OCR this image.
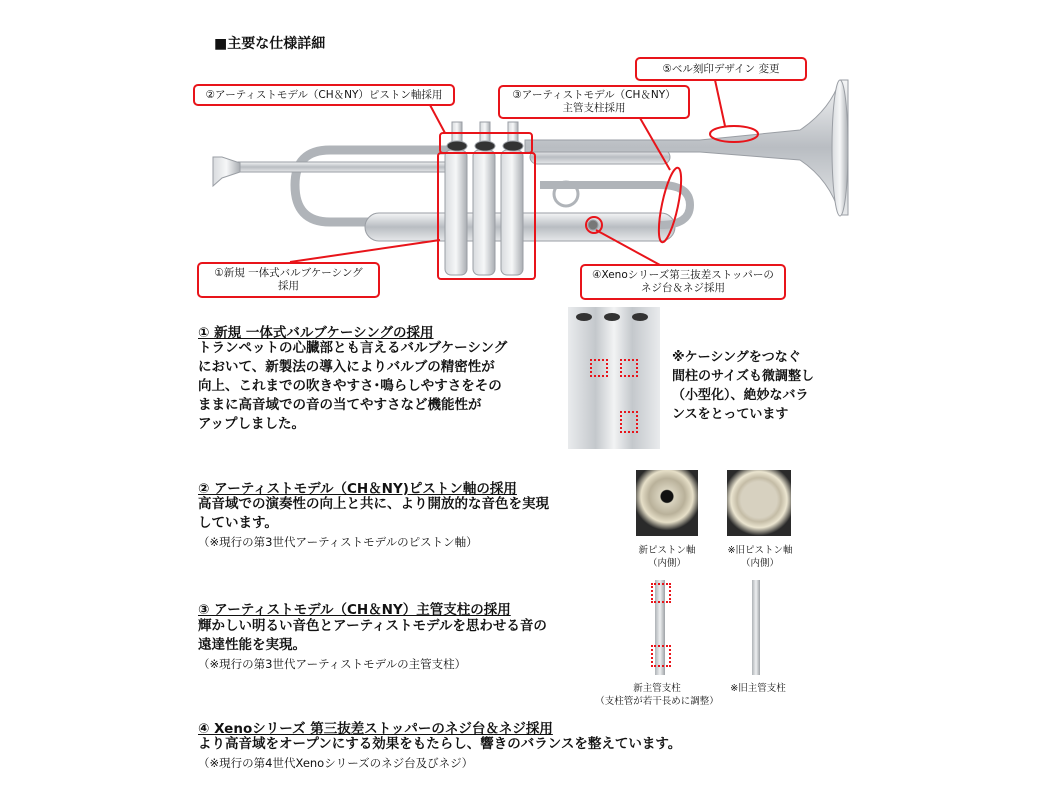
■主要な仕様詳細
②アーティストモデル（CH＆NY）ピストン軸採用	③アーティストモデル（CH＆NY）
主管支柱採用
⑤ベル刻印デザイン 変更
①新規 一体式バルブケーシング
採用
④Xenoシリーズ第三抜差ストッパーの
ネジ台＆ネジ採用
① 新規 一体式バルブケーシングの採用
トランペットの心臓部とも言えるバルブケーシング
において、新製法の導入によりバルブの精密性が
向上、これまでの吹きやすさ･鳴らしやすさをその
ままに高音域での音の当てやすさなど機能性が
アップしました。
※ケーシングをつなぐ
間柱のサイズも微調整し
（小型化）、絶妙なバラ
ンスをとっています
② アーティストモデル（CH＆NY)ピストン軸の採用
高音域での演奏性の向上と共に、より開放的な音色を実現
しています。
（※現行の第3世代アーティストモデルのピストン軸）
新ピストン軸
（内側）
※旧ピストン軸
（内側）
③ アーティストモデル（CH＆NY）主管支柱の採用
輝かしい明るい音色とアーティストモデルを思わせる音の
遠達性能を実現。
（※現行の第3世代アーティストモデルの主管支柱）
新主管支柱
（支柱管が若干長めに調整）
※旧主管支柱
④ Xenoシリーズ 第三抜差ストッパーのネジ台＆ネジ採用
より高音域をオープンにする効果をもたらし、響きのバランスを整えています。
（※現行の第4世代Xenoシリーズのネジ台及びネジ）
